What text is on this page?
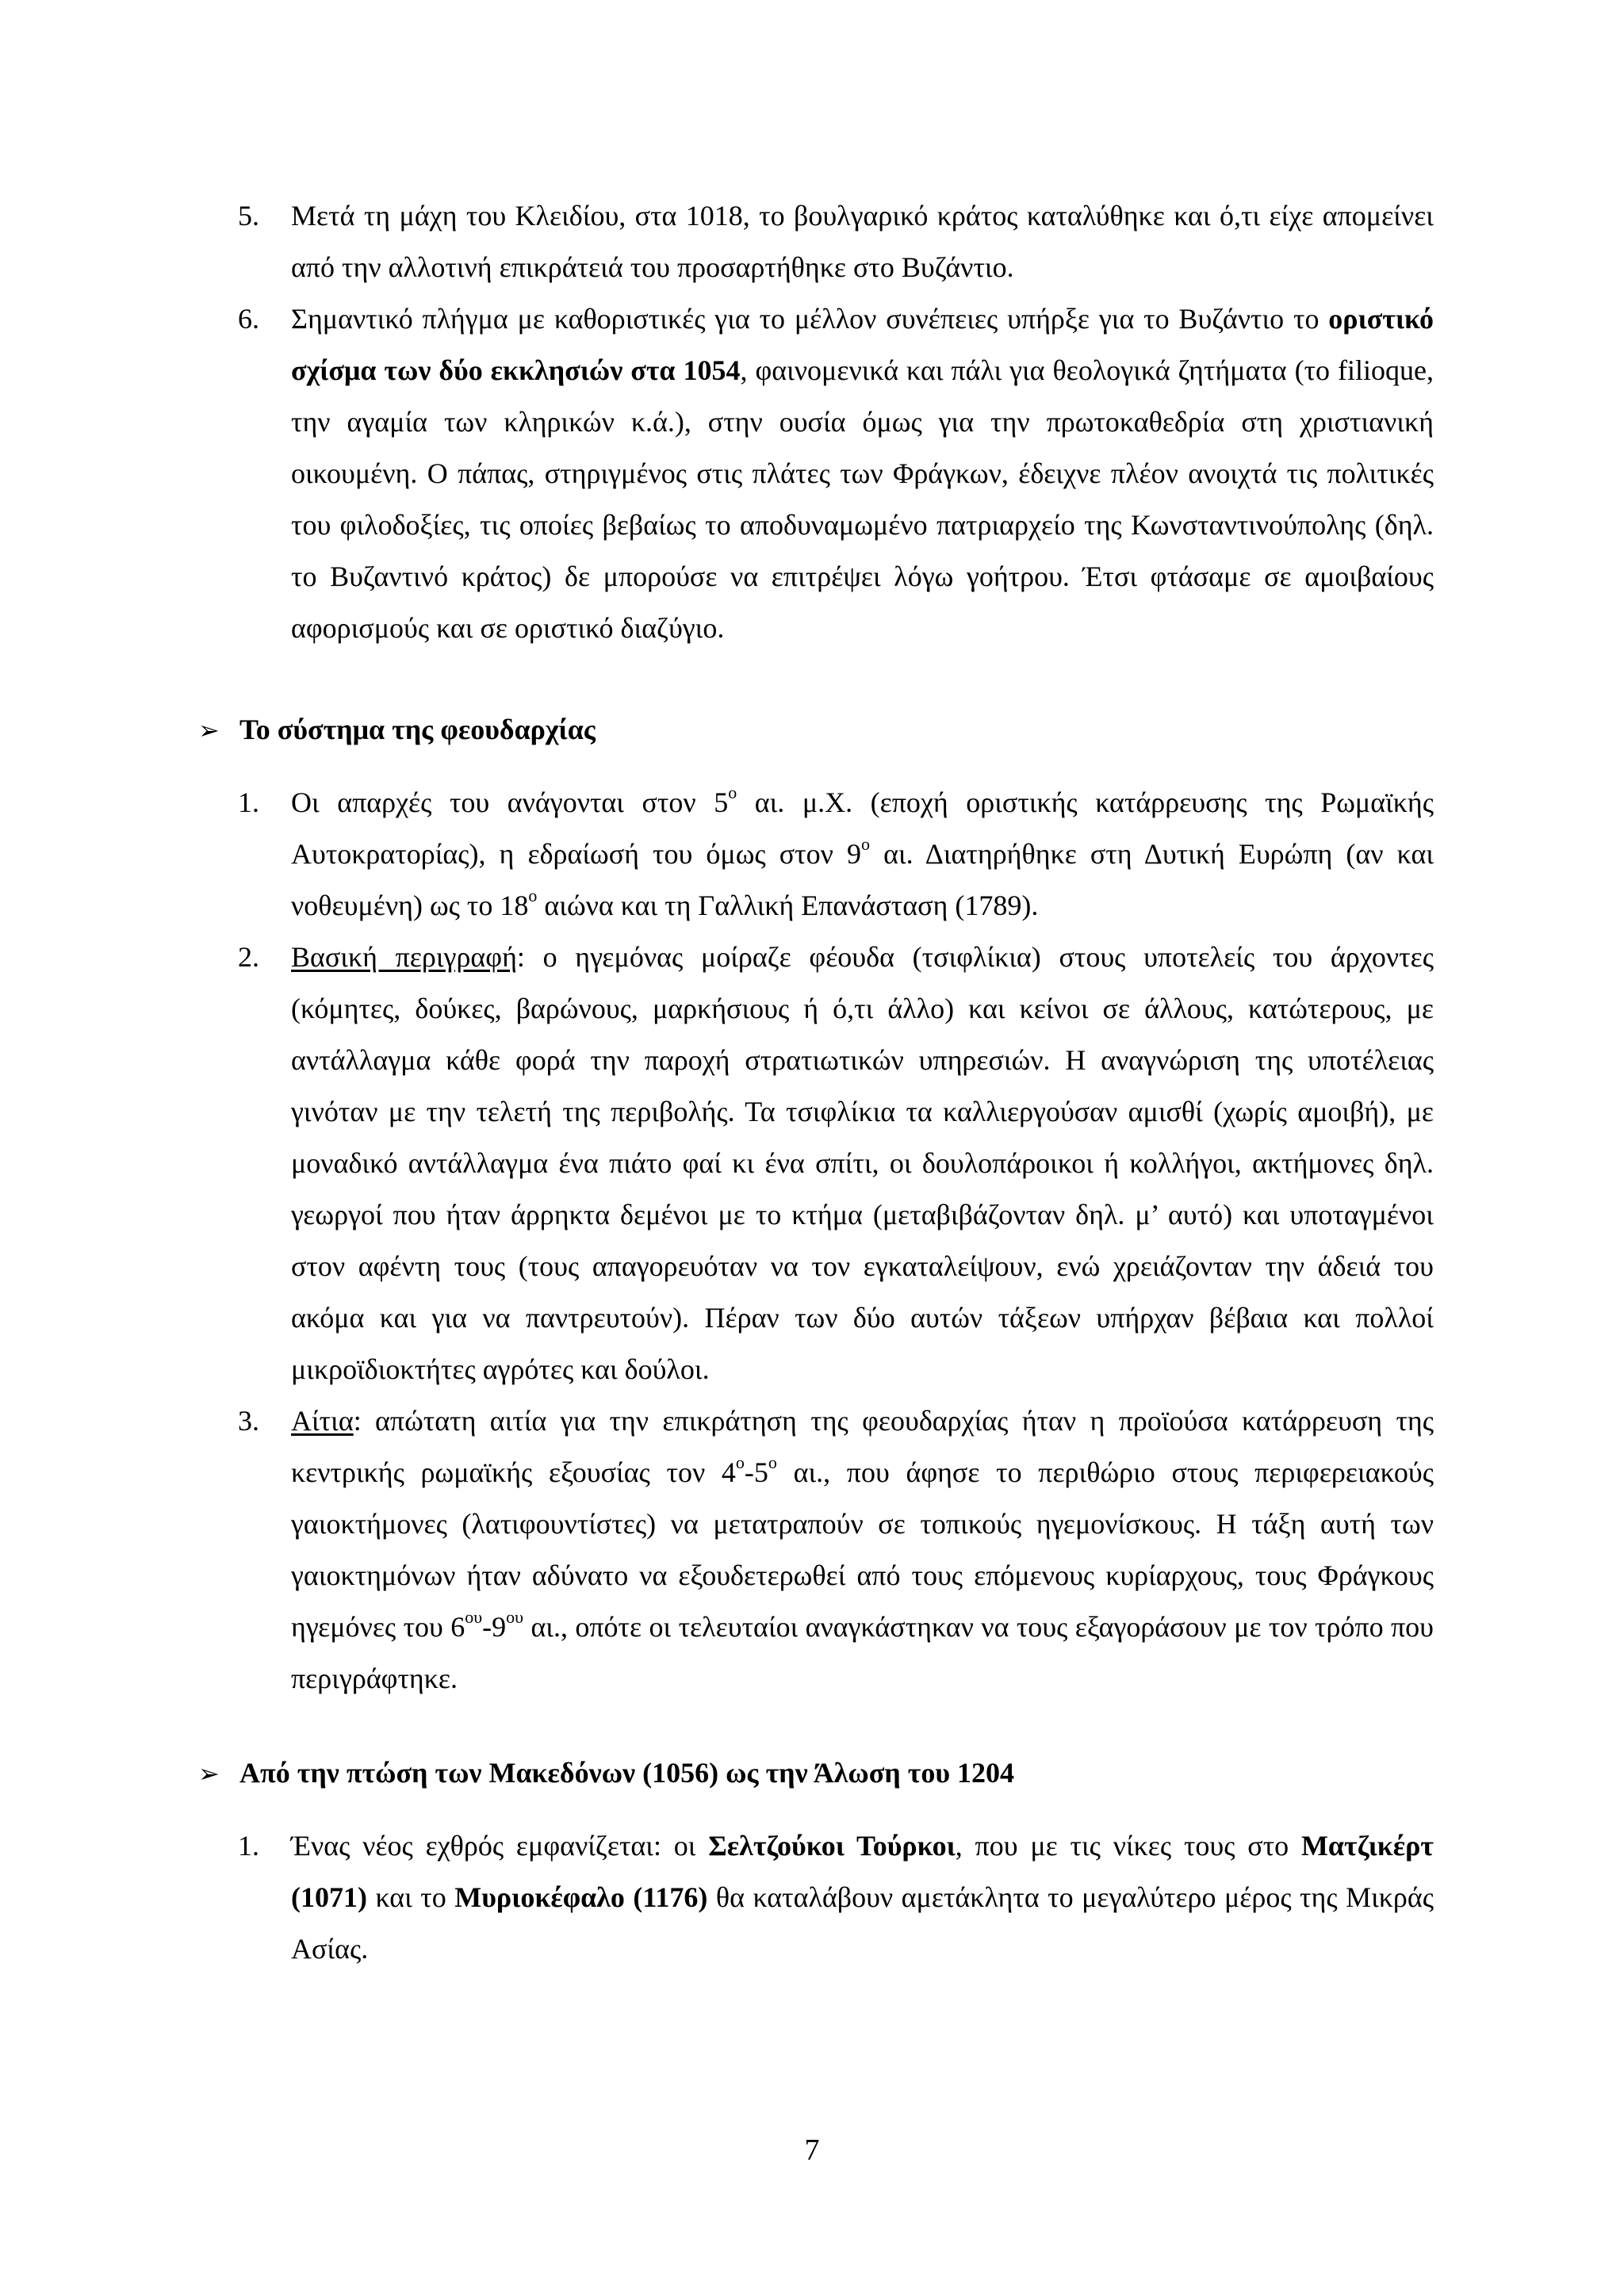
5. Μετά τη μάχη του Κλειδίου, στα 1018, το βουλγαρικό κράτος καταλύθηκε και ό,τι είχε απομείνει από την αλλοτινή επικράτειά του προσαρτήθηκε στο Βυζάντιο.
6. Σημαντικό πλήγμα με καθοριστικές για το μέλλον συνέπειες υπήρξε για το Βυζάντιο το οριστικό σχίσμα των δύο εκκλησιών στα 1054, φαινομενικά και πάλι για θεολογικά ζητήματα (το filioque, την αγαμία των κληρικών κ.ά.), στην ουσία όμως για την πρωτοκαθεδρία στη χριστιανική οικουμένη. Ο πάπας, στηριγμένος στις πλάτες των Φράγκων, έδειχνε πλέον ανοιχτά τις πολιτικές του φιλοδοξίες, τις οποίες βεβαίως το αποδυναμωμένο πατριαρχείο της Κωνσταντινούπολης (δηλ. το Βυζαντινό κράτος) δε μπορούσε να επιτρέψει λόγω γοήτρου. Έτσι φτάσαμε σε αμοιβαίους αφορισμούς και σε οριστικό διαζύγιο.
➢ Το σύστημα της φεουδαρχίας
1. Οι απαρχές του ανάγονται στον $5^o$ αι. μ.Χ. (εποχή οριστικής κατάρρευσης της Ρωμαϊκής Αυτοκρατορίας), η εδραίωσή του όμως στον $9^o$ αι. Διατηρήθηκε στη Δυτική Ευρώπη (αν και νοθευμένη) ως το $18^o$ αιώνα και τη Γαλλική Επανάσταση (1789).
2. Βασική περιγραφή: ο ηγεμόνας μοίραζε φέουδα (τσιφλίκια) στους υποτελείς του άρχοντες (κόμητες, δούκες, βαρώνους, μαρκήσιους ή ό,τι άλλο) και κείνοι σε άλλους, κατώτερους, με αντάλλαγμα κάθε φορά την παροχή στρατιωτικών υπηρεσιών. Η αναγνώριση της υποτέλειας γινόταν με την τελετή της περιβολής. Τα τσιφλίκια τα καλλιεργούσαν αμισθί (χωρίς αμοιβή), με μοναδικό αντάλλαγμα ένα πιάτο φαί κι ένα σπίτι, οι δουλοπάροικοι ή κολλήγοι, ακτήμονες δηλ. γεωργοί που ήταν άρρηκτα δεμένοι με το κτήμα (μεταβιβάζονταν δηλ. μ’ αυτό) και υποταγμένοι στον αφέντη τους (τους απαγορευόταν να τον εγκαταλείψουν, ενώ χρειάζονταν την άδειά του ακόμα και για να παντρευτούν). Πέραν των δύο αυτών τάξεων υπήρχαν βέβαια και πολλοί μικροϊδιοκτήτες αγρότες και δούλοι.
3. Αίτια: απώτατη αιτία για την επικράτηση της φεουδαρχίας ήταν η προϊούσα κατάρρευση της κεντρικής ρωμαϊκής εξουσίας τον $4^o-5^o$ αι., που άφησε το περιθώριο στους περιφερειακούς γαιοκτήμονες (λατιφουντίστες) να μετατραπούν σε τοπικούς ηγεμονίσκους. Η τάξη αυτή των γαιοκτημόνων ήταν αδύνατο να εξουδετερωθεί από τους επόμενους κυρίαρχους, τους Φράγκους ηγεμόνες του $6^{o\upsilon}-9^{o\upsilon}$ αι., οπότε οι τελευταίοι αναγκάστηκαν να τους εξαγοράσουν με τον τρόπο που περιγράφτηκε.
➢ Από την πτώση των Μακεδόνων (1056) ως την Άλωση του 1204
1. Ένας νέος εχθρός εμφανίζεται: οι Σελτζούκοι Τούρκοι, που με τις νίκες τους στο Ματζικέρτ (1071) και το Μυριοκέφαλο (1176) θα καταλάβουν αμετάκλητα το μεγαλύτερο μέρος της Μικράς Ασίας.
7
